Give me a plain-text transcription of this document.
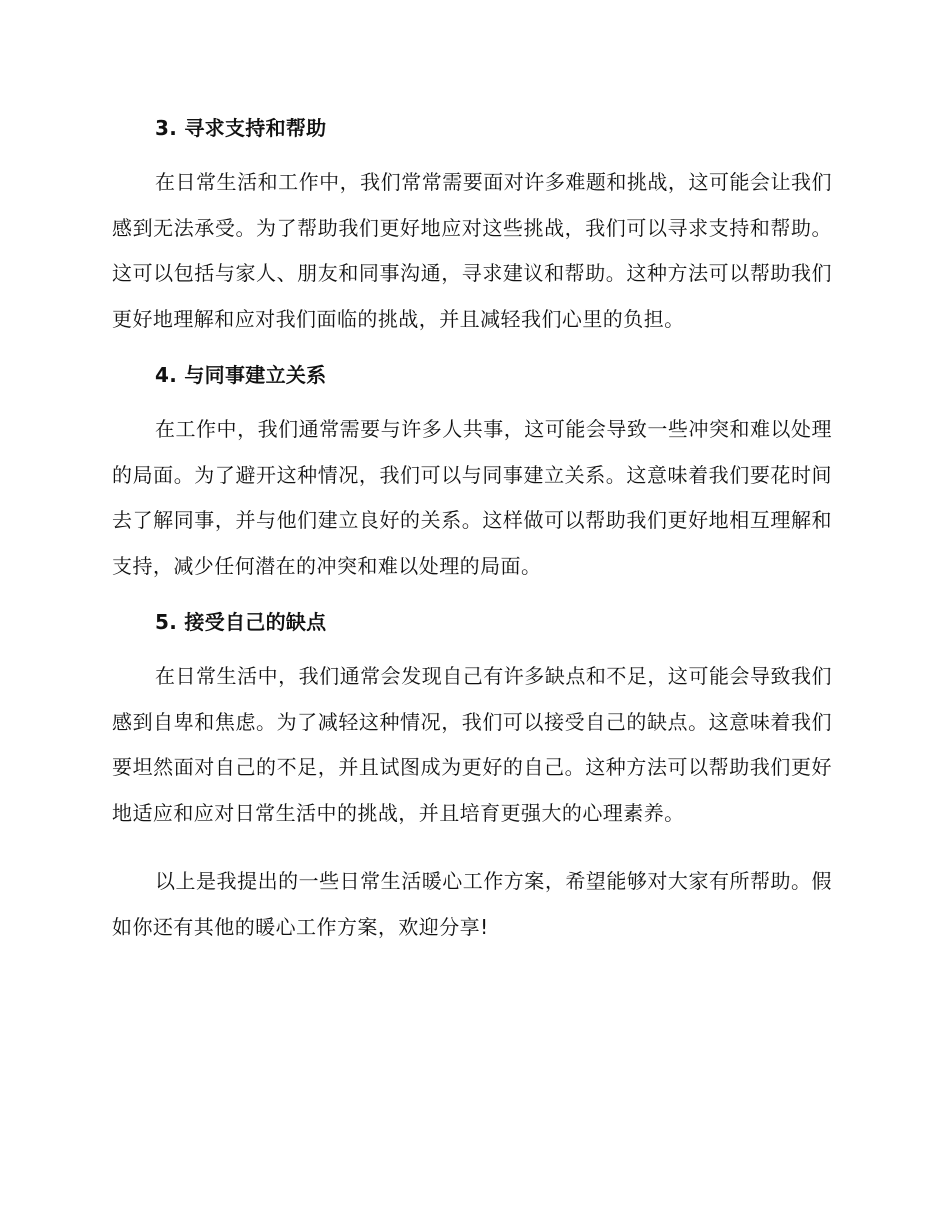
3. 寻求支持和帮助

在日常生活和工作中，我们常常需要面对许多难题和挑战，这可能会让我们感到无法承受。为了帮助我们更好地应对这些挑战，我们可以寻求支持和帮助。这可以包括与家人、朋友和同事沟通，寻求建议和帮助。这种方法可以帮助我们更好地理解和应对我们面临的挑战，并且减轻我们心里的负担。

4. 与同事建立关系

在工作中，我们通常需要与许多人共事，这可能会导致一些冲突和难以处理的局面。为了避开这种情况，我们可以与同事建立关系。这意味着我们要花时间去了解同事，并与他们建立良好的关系。这样做可以帮助我们更好地相互理解和支持，减少任何潜在的冲突和难以处理的局面。

5. 接受自己的缺点

在日常生活中，我们通常会发现自己有许多缺点和不足，这可能会导致我们感到自卑和焦虑。为了减轻这种情况，我们可以接受自己的缺点。这意味着我们要坦然面对自己的不足，并且试图成为更好的自己。这种方法可以帮助我们更好地适应和应对日常生活中的挑战，并且培育更强大的心理素养。

以上是我提出的一些日常生活暖心工作方案，希望能够对大家有所帮助。假如你还有其他的暖心工作方案，欢迎分享!
